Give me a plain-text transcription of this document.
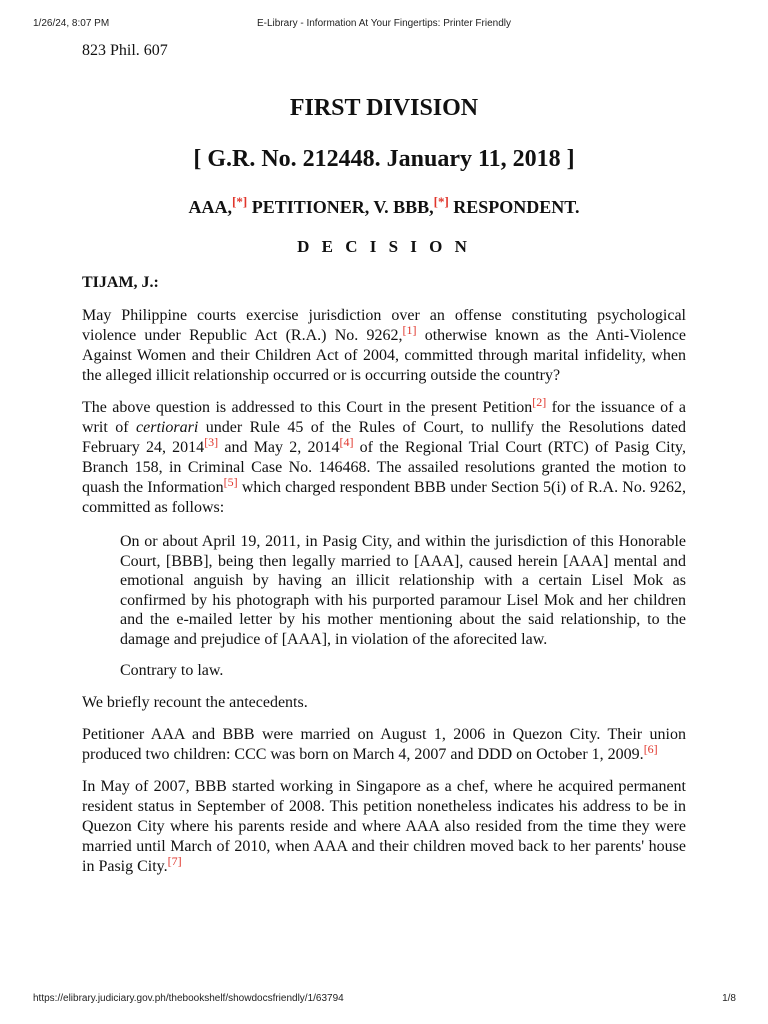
1/26/24, 8:07 PM	E-Library - Information At Your Fingertips: Printer Friendly

823 Phil. 607

FIRST DIVISION

[ G.R. No. 212448. January 11, 2018 ]

AAA,[*] PETITIONER, V. BBB,[*] RESPONDENT.

D E C I S I O N

TIJAM, J.:

May Philippine courts exercise jurisdiction over an offense constituting psychological violence under Republic Act (R.A.) No. 9262,[1] otherwise known as the Anti-Violence Against Women and their Children Act of 2004, committed through marital infidelity, when the alleged illicit relationship occurred or is occurring outside the country?

The above question is addressed to this Court in the present Petition[2] for the issuance of a writ of certiorari under Rule 45 of the Rules of Court, to nullify the Resolutions dated February 24, 2014[3] and May 2, 2014[4] of the Regional Trial Court (RTC) of Pasig City, Branch 158, in Criminal Case No. 146468. The assailed resolutions granted the motion to quash the Information[5] which charged respondent BBB under Section 5(i) of R.A. No. 9262, committed as follows:

On or about April 19, 2011, in Pasig City, and within the jurisdiction of this Honorable Court, [BBB], being then legally married to [AAA], caused herein [AAA] mental and emotional anguish by having an illicit relationship with a certain Lisel Mok as confirmed by his photograph with his purported paramour Lisel Mok and her children and the e-mailed letter by his mother mentioning about the said relationship, to the damage and prejudice of [AAA], in violation of the aforecited law.

Contrary to law.

We briefly recount the antecedents.

Petitioner AAA and BBB were married on August 1, 2006 in Quezon City. Their union produced two children: CCC was born on March 4, 2007 and DDD on October 1, 2009.[6]

In May of 2007, BBB started working in Singapore as a chef, where he acquired permanent resident status in September of 2008. This petition nonetheless indicates his address to be in Quezon City where his parents reside and where AAA also resided from the time they were married until March of 2010, when AAA and their children moved back to her parents' house in Pasig City.[7]

https://elibrary.judiciary.gov.ph/thebookshelf/showdocsfriendly/1/63794	1/8
